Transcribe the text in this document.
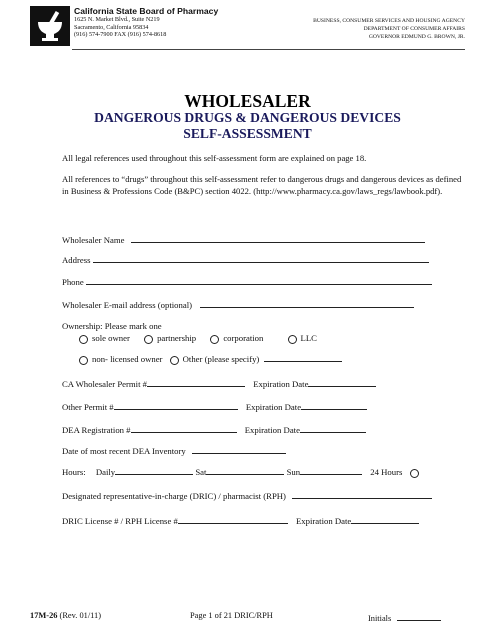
California State Board of Pharmacy
1625 N. Market Blvd., Suite N219
Sacramento, California 95834
(916) 574-7900 FAX (916) 574-8618
BUSINESS, CONSUMER SERVICES AND HOUSING AGENCY
DEPARTMENT OF CONSUMER AFFAIRS
GOVERNOR EDMUND G. BROWN, JR.
WHOLESALER
DANGEROUS DRUGS & DANGEROUS DEVICES
SELF-ASSESSMENT
All legal references used throughout this self-assessment form are explained on page 18.
All references to “drugs” throughout this self-assessment refer to dangerous drugs and dangerous devices as defined in Business & Professions Code (B&PC) section 4022. (http://www.pharmacy.ca.gov/laws_regs/lawbook.pdf).
Wholesaler Name
Address
Phone
Wholesaler E-mail address (optional)
Ownership: Please mark one
sole owner	partnership	corporation	LLC
non- licensed owner Other (please specify)
CA Wholesaler Permit #	Expiration Date
Other Permit #	Expiration Date
DEA Registration #	Expiration Date
Date of most recent DEA Inventory
Hours: Daily	Sat	Sun	24 Hours
Designated representative-in-charge (DRIC) / pharmacist (RPH)
DRIC License # / RPH License #	Expiration Date
17M-26 (Rev. 01/11)	Page 1 of 21 DRIC/RPH	Initials
